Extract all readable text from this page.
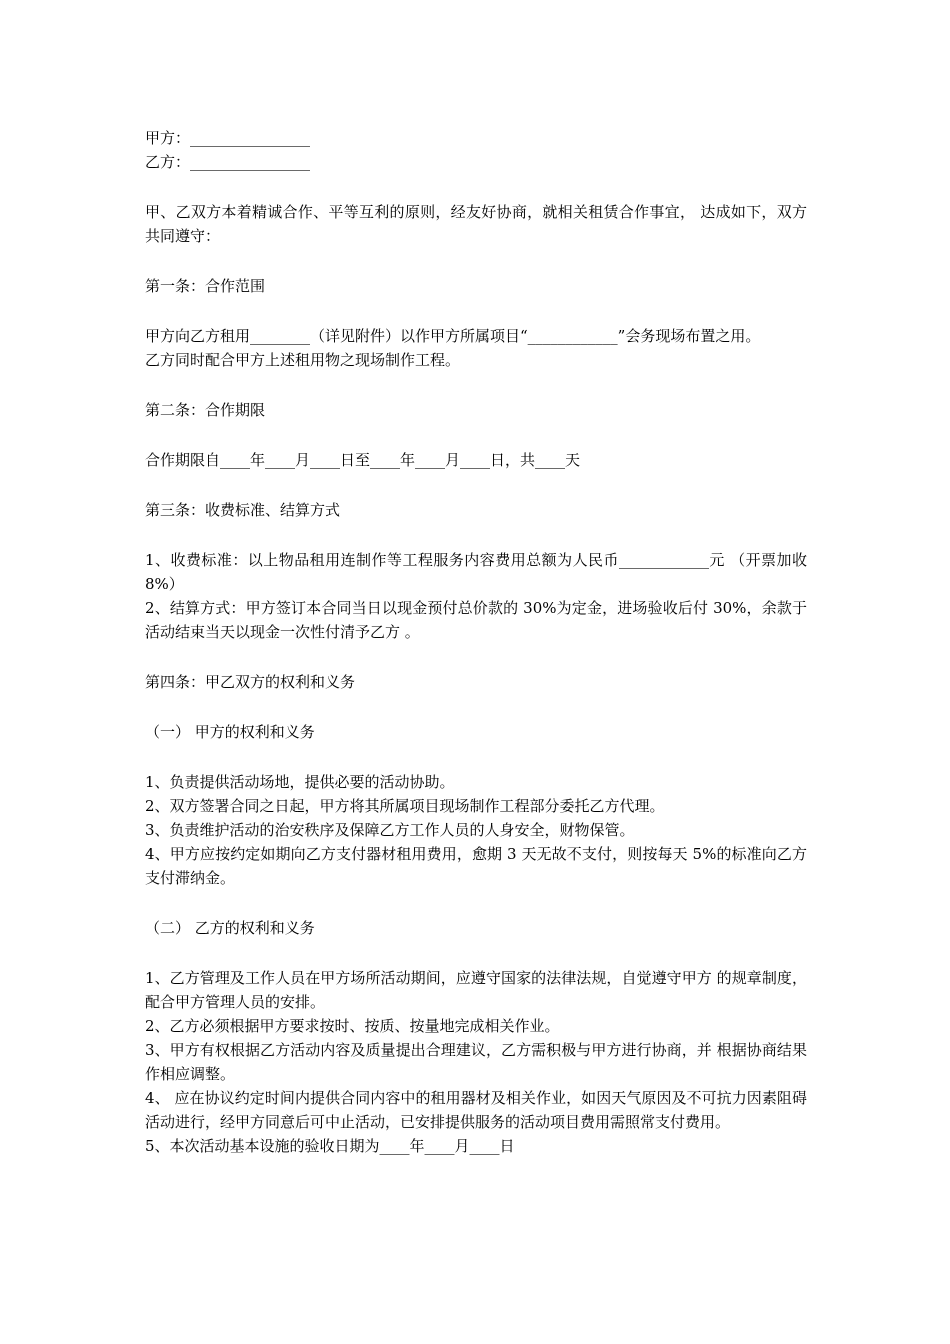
甲方：________________

乙方：________________

甲、乙双方本着精诚合作、平等互利的原则，经友好协商，就相关租赁合作事宜， 达成如下，双方共同遵守：

第一条：合作范围

甲方向乙方租用________（详见附件）以作甲方所属项目“____________”会务现场布置之用。

乙方同时配合甲方上述租用物之现场制作工程。

第二条：合作期限

合作期限自____年____月____日至____年____月____日，共____天

第三条：收费标准、结算方式

1、收费标准：以上物品租用连制作等工程服务内容费用总额为人民币____________元 （开票加收 8%）

2、结算方式：甲方签订本合同当日以现金预付总价款的 30%为定金，进场验收后付 30%，余款于活动结束当天以现金一次性付清予乙方 。

第四条：甲乙双方的权利和义务

（一） 甲方的权利和义务

1、负责提供活动场地，提供必要的活动协助。

2、双方签署合同之日起，甲方将其所属项目现场制作工程部分委托乙方代理。

3、负责维护活动的治安秩序及保障乙方工作人员的人身安全，财物保管。

4、甲方应按约定如期向乙方支付器材租用费用，愈期 3 天无故不支付，则按每天 5%的标准向乙方支付滞纳金。

（二） 乙方的权利和义务

1、乙方管理及工作人员在甲方场所活动期间，应遵守国家的法律法规，自觉遵守甲方 的规章制度，配合甲方管理人员的安排。

2、乙方必须根据甲方要求按时、按质、按量地完成相关作业。

3、甲方有权根据乙方活动内容及质量提出合理建议，乙方需积极与甲方进行协商，并 根据协商结果作相应调整。

4、 应在协议约定时间内提供合同内容中的租用器材及相关作业，如因天气原因及不可抗力因素阻碍活动进行，经甲方同意后可中止活动，已安排提供服务的活动项目费用需照常支付费用。

5、本次活动基本设施的验收日期为____年____月____日
